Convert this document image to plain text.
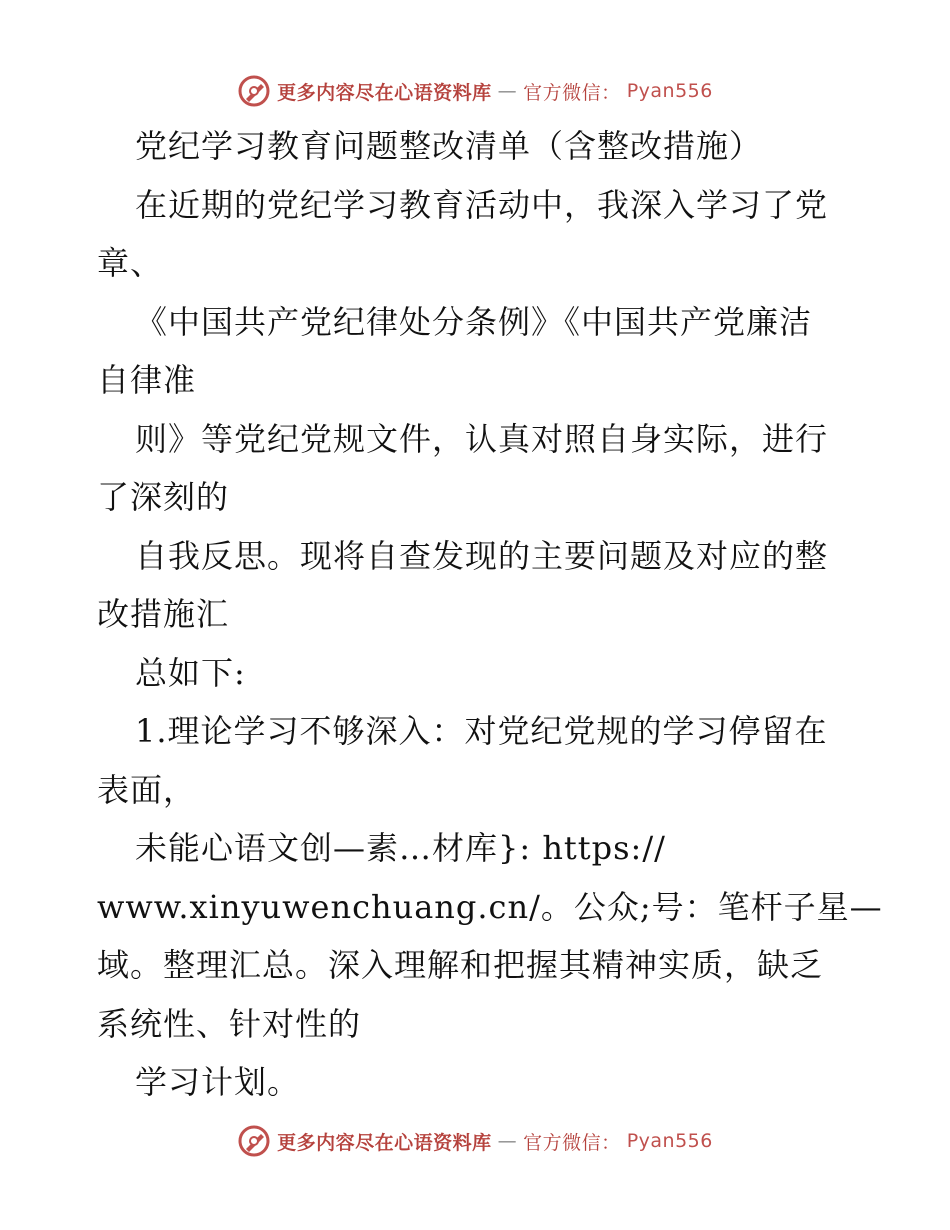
更多内容尽在心语资料库 — 官方微信： Pyan556
党纪学习教育问题整改清单（含整改措施）
在近期的党纪学习教育活动中，我深入学习了党
章、
《中国共产党纪律处分条例》《中国共产党廉洁
自律准
则》等党纪党规文件，认真对照自身实际，进行
了深刻的
自我反思。现将自查发现的主要问题及对应的整
改措施汇
总如下:
1.理论学习不够深入：对党纪党规的学习停留在
表面，
未能心语文创—素…材库}: https://
www.xinyuwenchuang.cn/。公众;号：笔杆子星—
域。整理汇总。深入理解和把握其精神实质，缺乏
系统性、针对性的
学习计划。
更多内容尽在心语资料库 — 官方微信： Pyan556
